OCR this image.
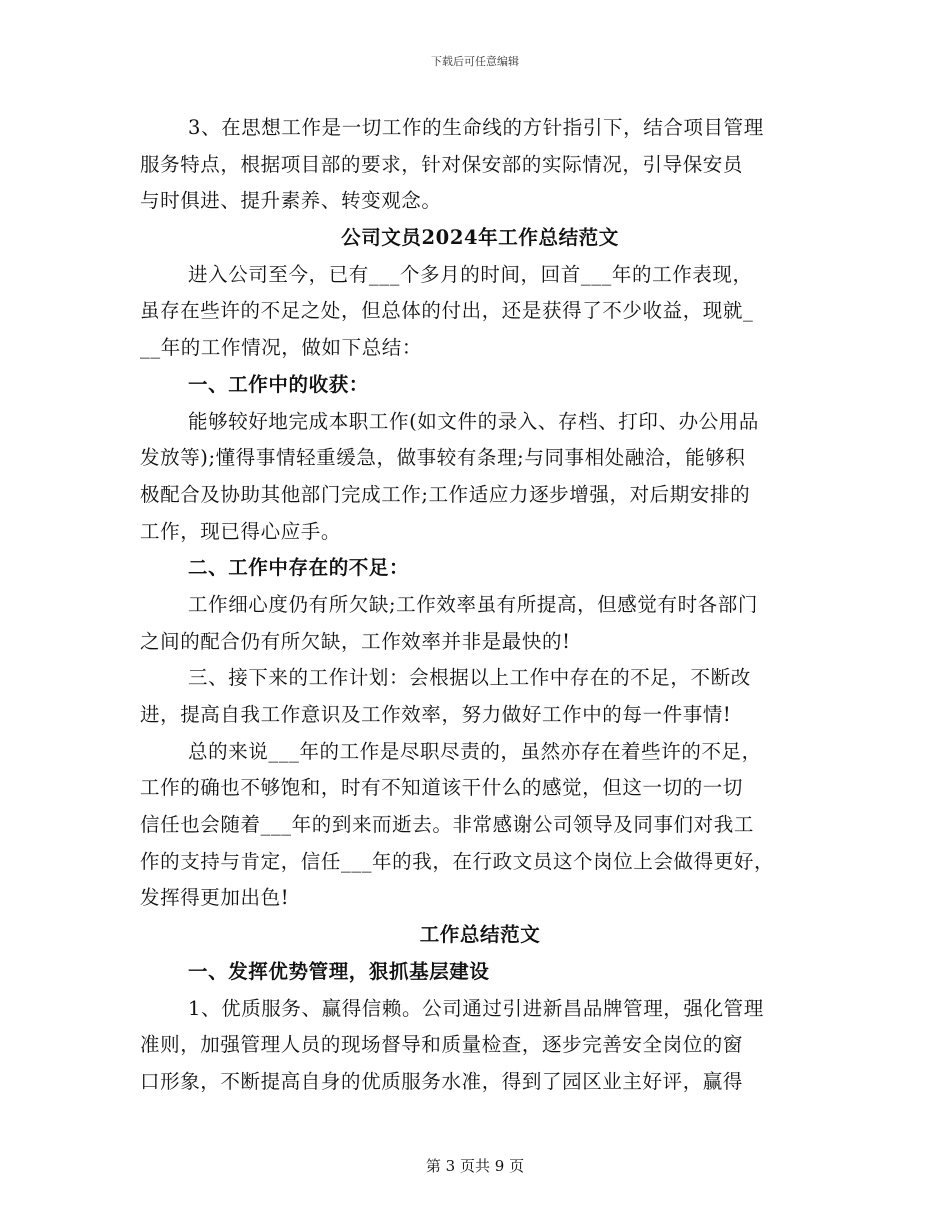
下载后可任意编辑
3、在思想工作是一切工作的生命线的方针指引下，结合项目管理
服务特点，根据项目部的要求，针对保安部的实际情况，引导保安员
与时俱进、提升素养、转变观念。
公司文员2024年工作总结范文
进入公司至今，已有___个多月的时间，回首___年的工作表现，
虽存在些许的不足之处，但总体的付出，还是获得了不少收益，现就_
__年的工作情况，做如下总结：
一、工作中的收获：
能够较好地完成本职工作(如文件的录入、存档、打印、办公用品
发放等);懂得事情轻重缓急，做事较有条理;与同事相处融洽，能够积
极配合及协助其他部门完成工作;工作适应力逐步增强，对后期安排的
工作，现已得心应手。
二、工作中存在的不足：
工作细心度仍有所欠缺;工作效率虽有所提高，但感觉有时各部门
之间的配合仍有所欠缺，工作效率并非是最快的!
三、接下来的工作计划：会根据以上工作中存在的不足，不断改
进，提高自我工作意识及工作效率，努力做好工作中的每一件事情!
总的来说___年的工作是尽职尽责的，虽然亦存在着些许的不足，
工作的确也不够饱和，时有不知道该干什么的感觉，但这一切的一切
信任也会随着___年的到来而逝去。非常感谢公司领导及同事们对我工
作的支持与肯定，信任___年的我，在行政文员这个岗位上会做得更好，
发挥得更加出色!
工作总结范文
一、发挥优势管理，狠抓基层建设
1、优质服务、赢得信赖。公司通过引进新昌品牌管理，强化管理
准则，加强管理人员的现场督导和质量检查，逐步完善安全岗位的窗
口形象，不断提高自身的优质服务水准，得到了园区业主好评，赢得
第 3 页共 9 页
